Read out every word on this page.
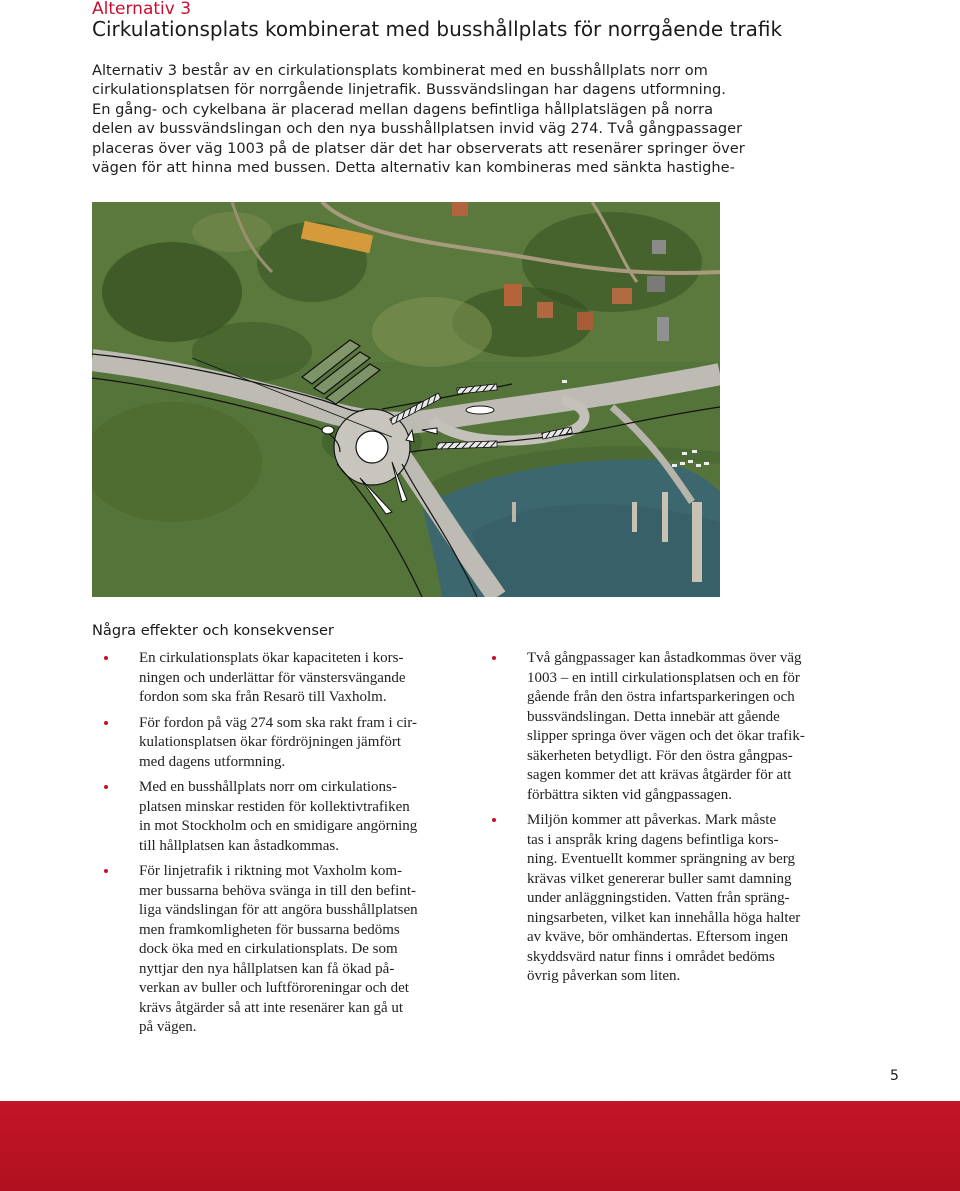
Alternativ 3
Cirkulationsplats kombinerat med busshållplats för norrgående trafik

Alternativ 3 består av en cirkulationsplats kombinerat med en busshållplats norr om
cirkulationsplatsen för norrgående linjetrafik. Bussvändslingan har dagens utformning.
En gång- och cykelbana är placerad mellan dagens befintliga hållplatslägen på norra
delen av bussvändslingan och den nya busshållplatsen invid väg 274. Två gångpassager
placeras över väg 1003 på de platser där det har observerats att resenärer springer över
vägen för att hinna med bussen. Detta alternativ kan kombineras med sänkta hastighe-

Några effekter och konsekvenser
En cirkulationsplats ökar kapaciteten i kors-
ningen och underlättar för vänstersvängande
fordon som ska från Resarö till Vaxholm.
För fordon på väg 274 som ska rakt fram i cir-
kulationsplatsen ökar fördröjningen jämfört
med dagens utformning.
Med en busshållplats norr om cirkulations-
platsen minskar restiden för kollektivtrafiken
in mot Stockholm och en smidigare angörning
till hållplatsen kan åstadkommas.
För linjetrafik i riktning mot Vaxholm kom-
mer bussarna behöva svänga in till den befint-
liga vändslingan för att angöra busshållplatsen
men framkomligheten för bussarna bedöms
dock öka med en cirkulationsplats. De som
nyttjar den nya hållplatsen kan få ökad på-
verkan av buller och luftföroreningar och det
krävs åtgärder så att inte resenärer kan gå ut
på vägen.
Två gångpassager kan åstadkommas över väg
1003 – en intill cirkulationsplatsen och en för
gående från den östra infartsparkeringen och
bussvändslingan. Detta innebär att gående
slipper springa över vägen och det ökar trafik-
säkerheten betydligt. För den östra gångpas-
sagen kommer det att krävas åtgärder för att
förbättra sikten vid gångpassagen.
Miljön kommer att påverkas. Mark måste
tas i anspråk kring dagens befintliga kors-
ning. Eventuellt kommer sprängning av berg
krävas vilket genererar buller samt damning
under anläggningstiden. Vatten från spräng-
ningsarbeten, vilket kan innehålla höga halter
av kväve, bör omhändertas. Eftersom ingen
skyddsvärd natur finns i området bedöms
övrig påverkan som liten.
5
